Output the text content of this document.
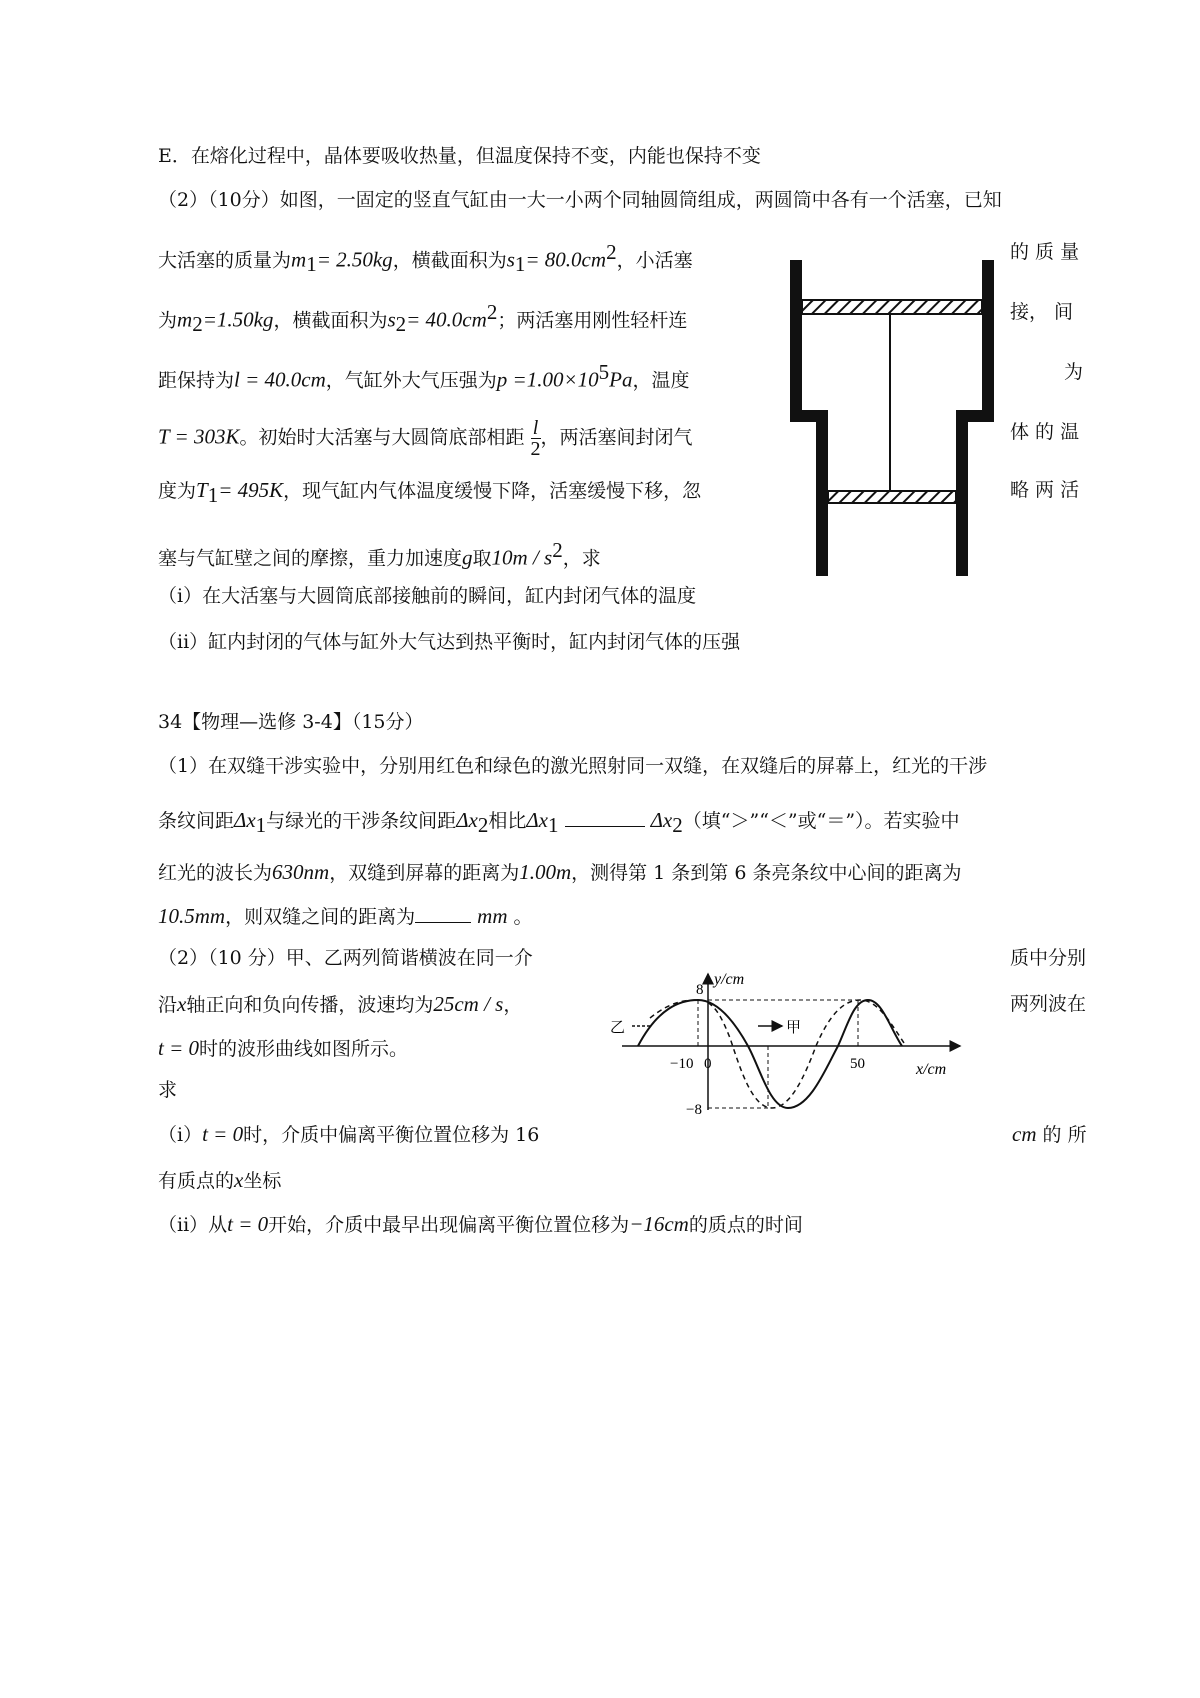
E．在熔化过程中，晶体要吸收热量，但温度保持不变，内能也保持不变
（2）（10分）如图，一固定的竖直气缸由一大一小两个同轴圆筒组成，两圆筒中各有一个活塞，已知
大活塞的质量为$m_1= 2.50kg$，横截面积为$s_1= 80.0cm^2$，小活塞	的 质 量
为$m_2=1.50kg$，横截面积为$s_2= 40.0cm^2$；两活塞用刚性轻杆连	接， 间
距保持为l = 40.0cm，气缸外大气压强为$p =1.00\times 10^5Pa$，温度	为
T = 303K。初始时大活塞与大圆筒底部相距 $\frac{l}{2}$ ，两活塞间封闭气	体 的 温
度为$T_1= 495K$，现气缸内气体温度缓慢下降，活塞缓慢下移，忽	略 两 活
塞与气缸壁之间的摩擦，重力加速度g取$10m / s^2$，求
（i）在大活塞与大圆筒底部接触前的瞬间，缸内封闭气体的温度
（ii）缸内封闭的气体与缸外大气达到热平衡时，缸内封闭气体的压强
34【物理—选修 3-4】（15分）
（1）在双缝干涉实验中，分别用红色和绿色的激光照射同一双缝，在双缝后的屏幕上，红光的干涉
条纹间距$\Delta x_1$与绿光的干涉条纹间距$\Delta x_2$相比$\Delta x_1$	$\Delta x_2$（填“＞”“＜”或“＝”）。若实验中
红光的波长为630nm，双缝到屏幕的距离为1.00m，测得第 1 条到第 6 条亮条纹中心间的距离为
10.5mm，则双缝之间的距离为	mm 。
（2）（10 分）甲、乙两列简谐横波在同一介	质中分别
沿x轴正向和负向传播，波速均为25cm / s，	两列波在
t = 0时的波形曲线如图所示。
求
（i）t = 0时，介质中偏离平衡位置位移为 16	cm 的 所
有质点的x坐标
（ii）从t = 0开始，介质中最早出现偏离平衡位置位移为−16cm的质点的时间
y/cm
x/cm
8
−8
−10 0	50
甲
乙
